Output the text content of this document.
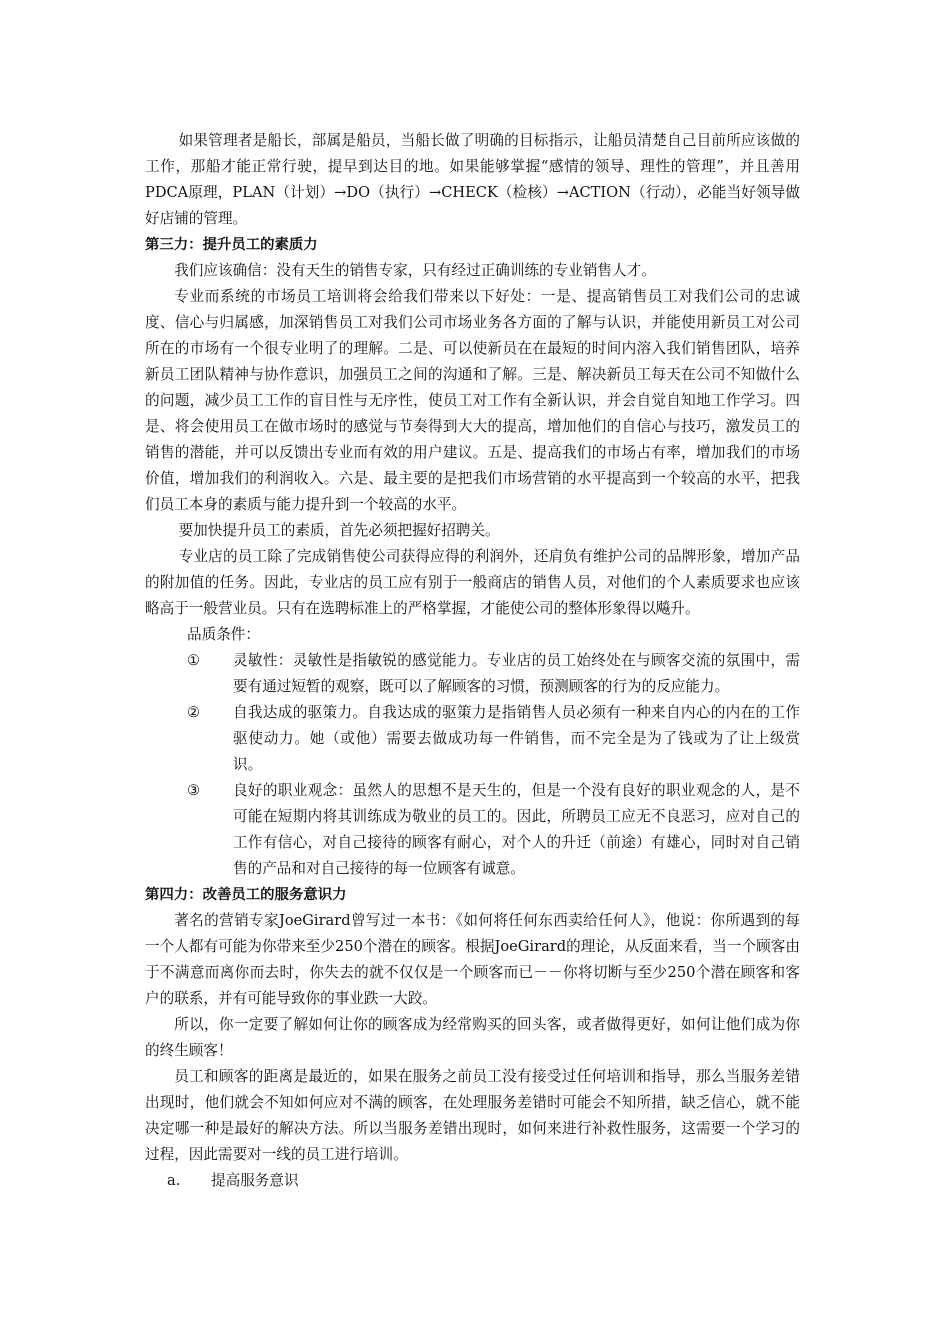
如果管理者是船长，部属是船员，当船长做了明确的目标指示，让船员清楚自己目前所应该做的工作，那船才能正常行驶，提早到达目的地。如果能够掌握“感情的领导、理性的管理”，并且善用PDCA原理，PLAN（计划）→DO（执行）→CHECK（检核）→ACTION（行动），必能当好领导做好店铺的管理。

第三力：提升员工的素质力

我们应该确信：没有天生的销售专家，只有经过正确训练的专业销售人才。

专业而系统的市场员工培训将会给我们带来以下好处：一是、提高销售员工对我们公司的忠诚度、信心与归属感，加深销售员工对我们公司市场业务各方面的了解与认识，并能使用新员工对公司所在的市场有一个很专业明了的理解。二是、可以使新员在在最短的时间内溶入我们销售团队，培养新员工团队精神与协作意识，加强员工之间的沟通和了解。三是、解决新员工每天在公司不知做什么的问题，减少员工工作的盲目性与无序性，使员工对工作有全新认识，并会自觉自知地工作学习。四是、将会使用员工在做市场时的感觉与节奏得到大大的提高，增加他们的自信心与技巧，激发员工的销售的潜能，并可以反馈出专业而有效的用户建议。五是、提高我们的市场占有率，增加我们的市场价值，增加我们的利润收入。六是、最主要的是把我们市场营销的水平提高到一个较高的水平，把我们员工本身的素质与能力提升到一个较高的水平。

要加快提升员工的素质，首先必须把握好招聘关。

专业店的员工除了完成销售使公司获得应得的利润外，还肩负有维护公司的品牌形象，增加产品的附加值的任务。因此，专业店的员工应有别于一般商店的销售人员，对他们的个人素质要求也应该略高于一般营业员。只有在选聘标准上的严格掌握，才能使公司的整体形象得以飚升。

品质条件：

① 灵敏性：灵敏性是指敏锐的感觉能力。专业店的员工始终处在与顾客交流的氛围中，需要有通过短暂的观察，既可以了解顾客的习惯，预测顾客的行为的反应能力。
② 自我达成的驱策力。自我达成的驱策力是指销售人员必须有一种来自内心的内在的工作驱使动力。她（或他）需要去做成功每一件销售，而不完全是为了钱或为了让上级赏识。
③ 良好的职业观念：虽然人的思想不是天生的，但是一个没有良好的职业观念的人，是不可能在短期内将其训练成为敬业的员工的。因此，所聘员工应无不良恶习，应对自己的工作有信心，对自己接待的顾客有耐心，对个人的升迁（前途）有雄心，同时对自己销售的产品和对自己接待的每一位顾客有诚意。

第四力：改善员工的服务意识力

著名的营销专家JoeGirard曾写过一本书：《如何将任何东西卖给任何人》，他说：你所遇到的每一个人都有可能为你带来至少250个潜在的顾客。根据JoeGirard的理论，从反面来看，当一个顾客由于不满意而离你而去时，你失去的就不仅仅是一个顾客而已－－你将切断与至少250个潜在顾客和客户的联系，并有可能导致你的事业跌一大跤。

所以，你一定要了解如何让你的顾客成为经常购买的回头客，或者做得更好，如何让他们成为你的终生顾客！

员工和顾客的距离是最近的，如果在服务之前员工没有接受过任何培训和指导，那么当服务差错出现时，他们就会不知如何应对不满的顾客，在处理服务差错时可能会不知所措，缺乏信心，就不能决定哪一种是最好的解决方法。所以当服务差错出现时，如何来进行补救性服务，这需要一个学习的过程，因此需要对一线的员工进行培训。

a. 提高服务意识
